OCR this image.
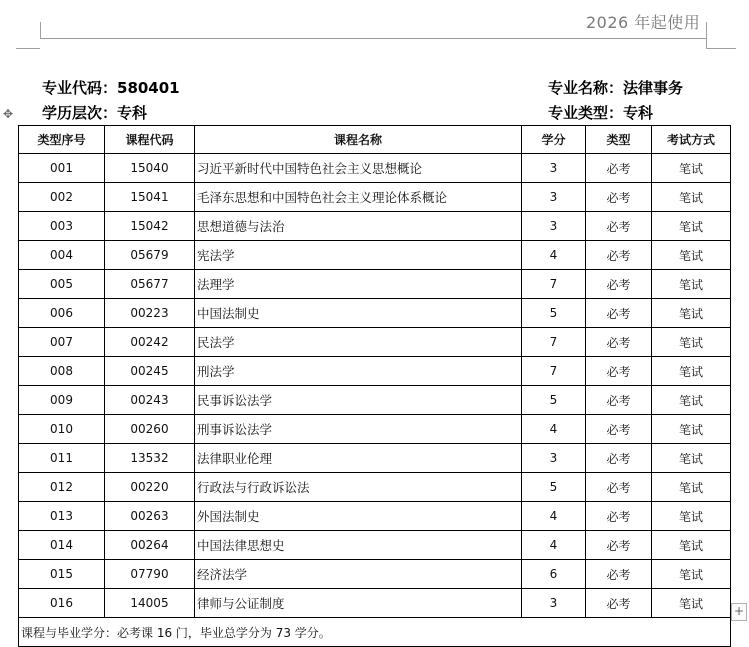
2026 年起使用
专业代码：580401	专业名称：法律事务
学历层次：专科	专业类型：专科
✥
类型序号	课程代码	课程名称	学分	类型	考试方式
001	15040	习近平新时代中国特色社会主义思想概论	3	必考	笔试
002	15041	毛泽东思想和中国特色社会主义理论体系概论	3	必考	笔试
003	15042	思想道德与法治	3	必考	笔试
004	05679	宪法学	4	必考	笔试
005	05677	法理学	7	必考	笔试
006	00223	中国法制史	5	必考	笔试
007	00242	民法学	7	必考	笔试
008	00245	刑法学	7	必考	笔试
009	00243	民事诉讼法学	5	必考	笔试
010	00260	刑事诉讼法学	4	必考	笔试
011	13532	法律职业伦理	3	必考	笔试
012	00220	行政法与行政诉讼法	5	必考	笔试
013	00263	外国法制史	4	必考	笔试
014	00264	中国法律思想史	4	必考	笔试
015	07790	经济法学	6	必考	笔试
016	14005	律师与公证制度	3	必考	笔试
课程与毕业学分：必考课 16 门，毕业总学分为 73 学分。					
+
